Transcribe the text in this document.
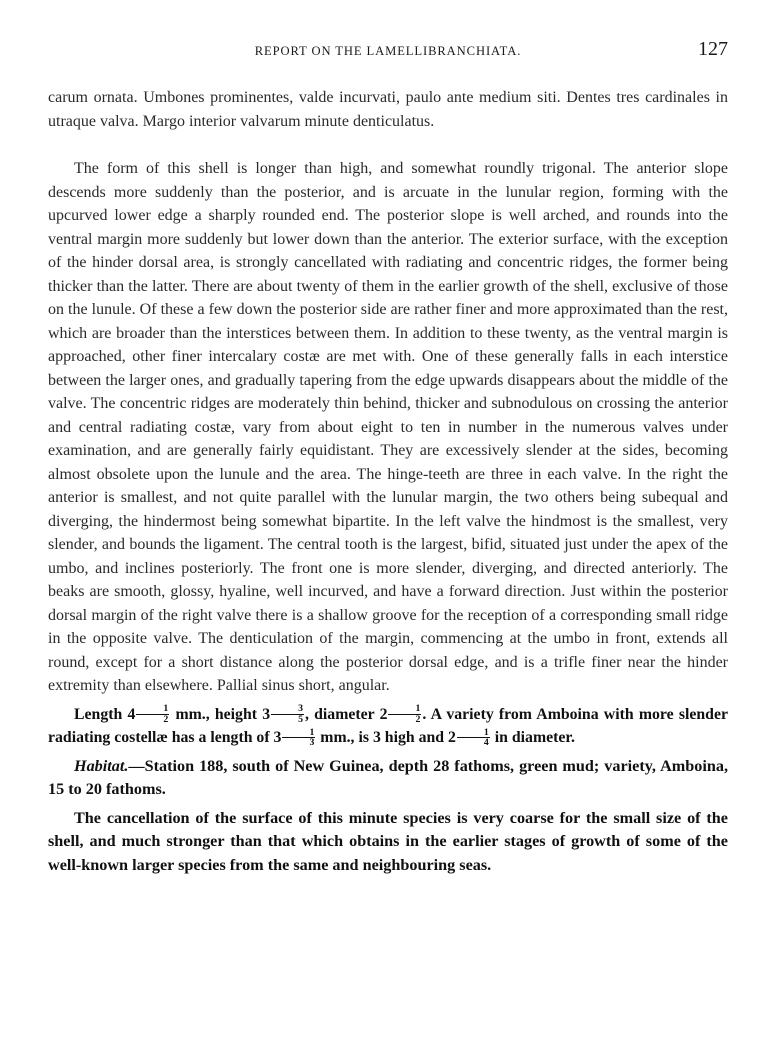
REPORT ON THE LAMELLIBRANCHIATA.	127

carum ornata. Umbones prominentes, valde incurvati, paulo ante medium siti. Dentes tres cardinales in utraque valva. Margo interior valvarum minute denticulatus.

The form of this shell is longer than high, and somewhat roundly trigonal. The anterior slope descends more suddenly than the posterior, and is arcuate in the lunular region, forming with the upcurved lower edge a sharply rounded end. The posterior slope is well arched, and rounds into the ventral margin more suddenly but lower down than the anterior. The exterior surface, with the exception of the hinder dorsal area, is strongly cancellated with radiating and concentric ridges, the former being thicker than the latter. There are about twenty of them in the earlier growth of the shell, exclusive of those on the lunule. Of these a few down the posterior side are rather finer and more approximated than the rest, which are broader than the interstices between them. In addition to these twenty, as the ventral margin is approached, other finer intercalary costæ are met with. One of these generally falls in each interstice between the larger ones, and gradually tapering from the edge upwards disappears about the middle of the valve. The concentric ridges are moderately thin behind, thicker and subnodulous on crossing the anterior and central radiating costæ, vary from about eight to ten in number in the numerous valves under examination, and are generally fairly equidistant. They are excessively slender at the sides, becoming almost obsolete upon the lunule and the area. The hinge-teeth are three in each valve. In the right the anterior is smallest, and not quite parallel with the lunular margin, the two others being subequal and diverging, the hindermost being somewhat bipartite. In the left valve the hindmost is the smallest, very slender, and bounds the ligament. The central tooth is the largest, bifid, situated just under the apex of the umbo, and inclines posteriorly. The front one is more slender, diverging, and directed anteriorly. The beaks are smooth, glossy, hyaline, well incurved, and have a forward direction. Just within the posterior dorsal margin of the right valve there is a shallow groove for the reception of a corresponding small ridge in the opposite valve. The denticulation of the margin, commencing at the umbo in front, extends all round, except for a short distance along the posterior dorsal edge, and is a trifle finer near the hinder extremity than elsewhere. Pallial sinus short, angular.

Length $4 \frac{1}{2}$ mm., height $3 \frac{3}{5}$ , diameter $2 \frac{1}{2}$ . A variety from Amboina with more slender radiating costellæ has a length of $3 \frac{1}{3}$ mm., is 3 high and $2 \frac{1}{4}$ in diameter.

Habitat.—Station 188, south of New Guinea, depth 28 fathoms, green mud; variety, Amboina, 15 to 20 fathoms.

The cancellation of the surface of this minute species is very coarse for the small size of the shell, and much stronger than that which obtains in the earlier stages of growth of some of the well-known larger species from the same and neighbouring seas.
